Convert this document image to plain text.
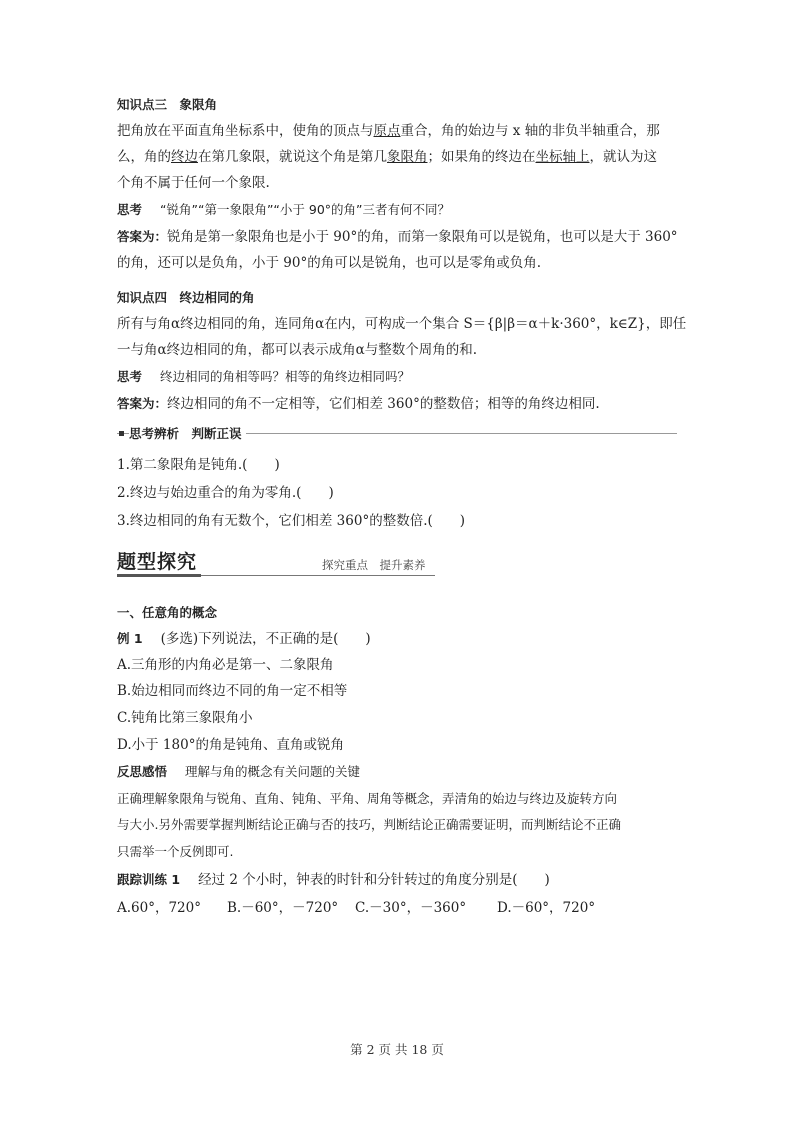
知识点三　象限角
把角放在平面直角坐标系中，使角的顶点与原点重合，角的始边与 x 轴的非负半轴重合，那
么，角的终边在第几象限，就说这个角是第几象限角；如果角的终边在坐标轴上，就认为这
个角不属于任何一个象限.
思考 “锐角”“第一象限角”“小于 90°的角”三者有何不同？
答案为：锐角是第一象限角也是小于 90°的角，而第一象限角可以是锐角，也可以是大于 360°
的角，还可以是负角，小于 90°的角可以是锐角，也可以是零角或负角.
知识点四　终边相同的角
所有与角α终边相同的角，连同角α在内，可构成一个集合 S＝{β|β＝α＋k·360°，k∈Z}，即任
一与角α终边相同的角，都可以表示成角α与整数个周角的和.
思考 终边相同的角相等吗？相等的角终边相同吗？
答案为：终边相同的角不一定相等，它们相差 360°的整数倍；相等的角终边相同.
思考辨析　判断正误
1.第二象限角是钝角.(　　)
2.终边与始边重合的角为零角.(　　)
3.终边相同的角有无数个，它们相差 360°的整数倍.(　　)
题型探究	探究重点　提升素养
一、任意角的概念
例 1 (多选)下列说法，不正确的是(　　)
A.三角形的内角必是第一、二象限角
B.始边相同而终边不同的角一定不相等
C.钝角比第三象限角小
D.小于 180°的角是钝角、直角或锐角
反思感悟 理解与角的概念有关问题的关键
正确理解象限角与锐角、直角、钝角、平角、周角等概念，弄清角的始边与终边及旋转方向
与大小.另外需要掌握判断结论正确与否的技巧，判断结论正确需要证明，而判断结论不正确
只需举一个反例即可.
跟踪训练 1 经过 2 个小时，钟表的时针和分针转过的角度分别是(　　)
A.60°，720° B.－60°，－720° C.－30°，－360° D.－60°，720°
第 2 页 共 18 页
